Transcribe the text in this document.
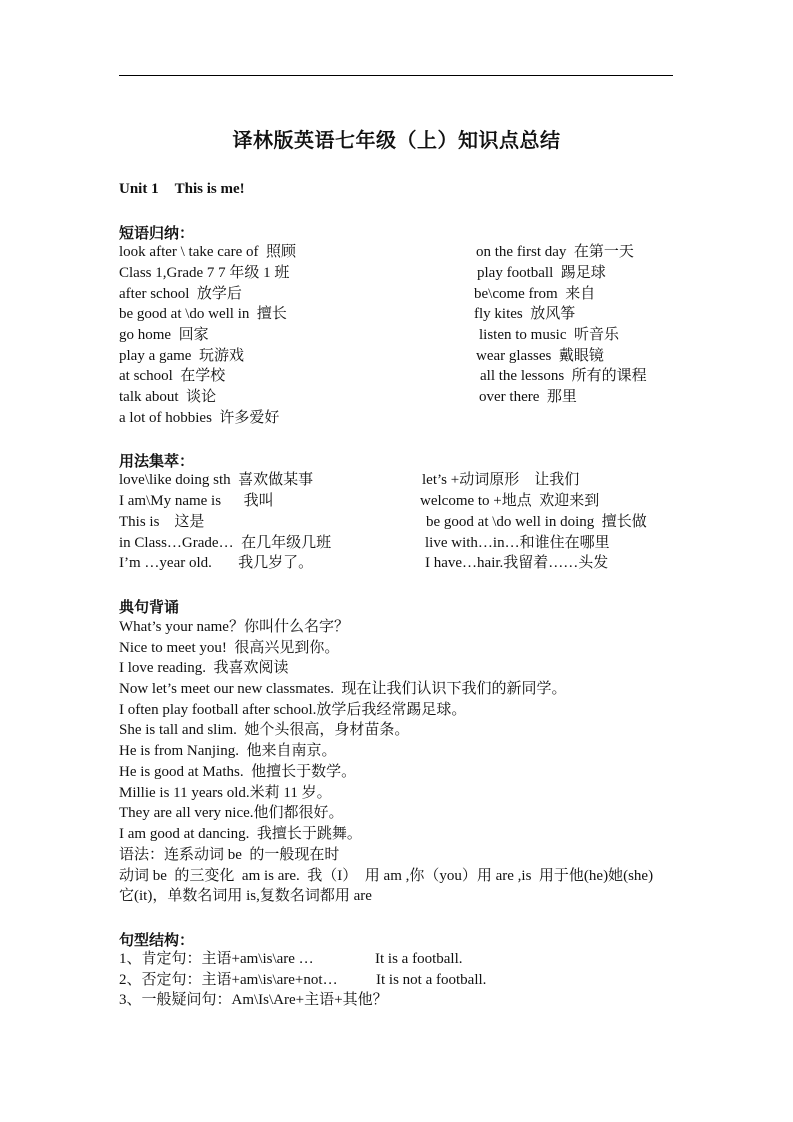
译林版英语七年级（上）知识点总结
Unit 1 This is me!
短语归纳：
look after \ take care of  照顾
Class 1,Grade 7 7 年级 1 班
after school  放学后
be good at \do well in  擅长
go home  回家
play a game  玩游戏
at school  在学校
talk about  谈论
a lot of hobbies  许多爱好
on the first day  在第一天
play football  踢足球
be\come from  来自
fly kites  放风筝
listen to music  听音乐
wear glasses  戴眼镜
all the lessons  所有的课程
over there  那里
用法集萃：
love\like doing sth  喜欢做某事
I am\My name is      我叫
This is    这是
in Class…Grade…  在几年级几班
I’m …year old.       我几岁了。
let’s +动词原形    让我们
welcome to +地点  欢迎来到
be good at \do well in doing  擅长做
live with…in…和谁住在哪里
I have…hair.我留着……头发
典句背诵
What’s your name？你叫什么名字？
Nice to meet you!  很高兴见到你。
I love reading.  我喜欢阅读
Now let’s meet our new classmates.  现在让我们认识下我们的新同学。
I often play football after school.放学后我经常踢足球。
She is tall and slim.  她个头很高，身材苗条。
He is from Nanjing.  他来自南京。
He is good at Maths.  他擅长于数学。
Millie is 11 years old.米莉 11 岁。
They are all very nice.他们都很好。
I am good at dancing.  我擅长于跳舞。
语法：连系动词 be  的一般现在时
动词 be  的三变化  am is are.  我（I）  用 am ,你（you）用 are ,is  用于他(he)她(she)
它(it)，单数名词用 is,复数名词都用 are
句型结构：
1、肯定句：主语+am\is\are …	It is a football.
2、否定句：主语+am\is\are+not…	It is not a football.
3、一般疑问句：Am\Is\Are+主语+其他？
